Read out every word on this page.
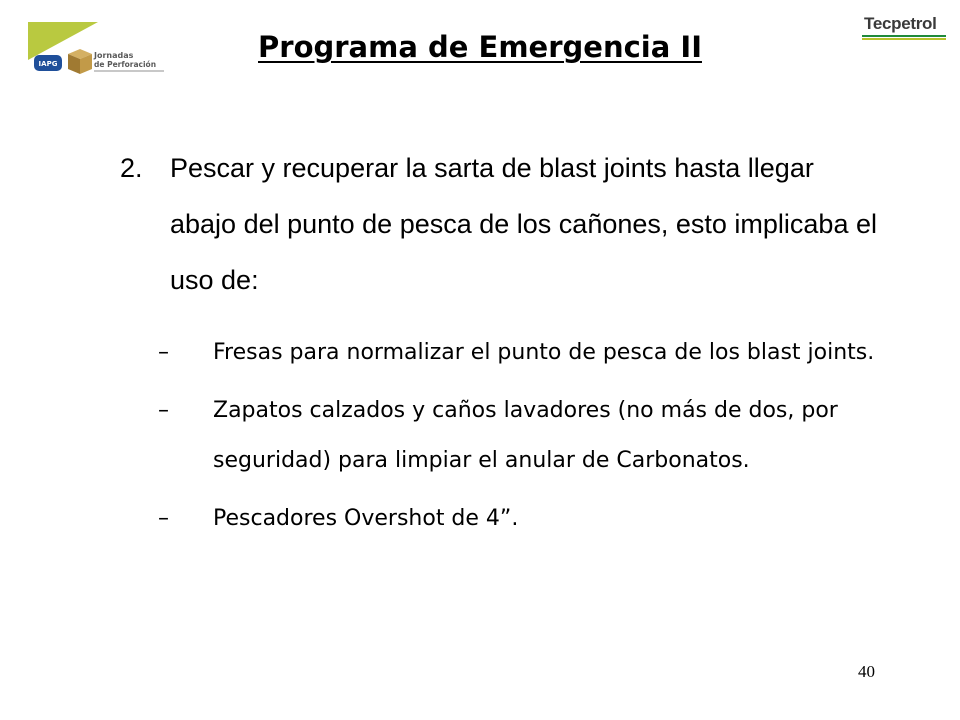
IAPG
Jornadas
de Perforación
Tecpetrol
Programa de Emergencia II
2. Pescar y recuperar la sarta de blast joints hasta llegar abajo del punto de pesca de los cañones, esto implicaba el uso de:
– Fresas para normalizar el punto de pesca de los blast joints.
– Zapatos calzados y caños lavadores (no más de dos, por seguridad) para limpiar el anular de Carbonatos.
– Pescadores Overshot de 4”.
40
